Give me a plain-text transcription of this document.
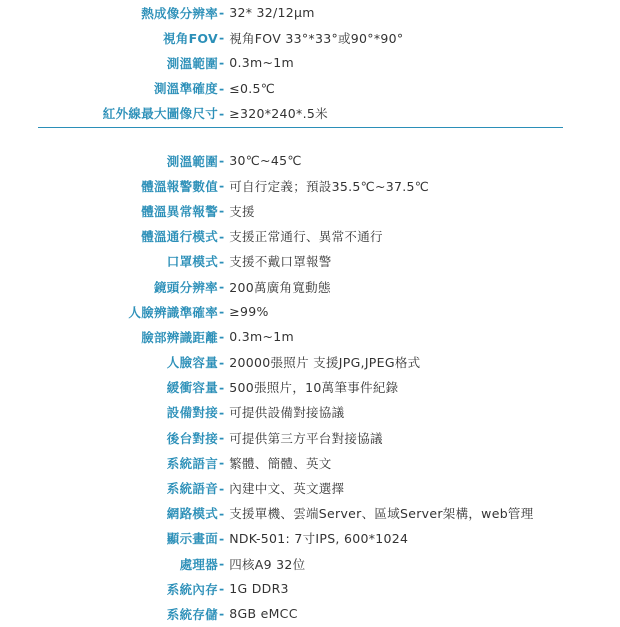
熱成像分辨率 - 32* 32/12μm
視角FOV - 視角FOV 33°*33°或90°*90°
測溫範圍 - 0.3m~1m
測溫準確度 - ≤0.5℃
紅外線最大圖像尺寸 - ≥320*240*.5米
測溫範圍 - 30℃~45℃
體溫報警數值 - 可自行定義；預設35.5℃~37.5℃
體溫異常報警 - 支援
體溫通行模式 - 支援正常通行、異常不通行
口罩模式 - 支援不戴口罩報警
鏡頭分辨率 - 200萬廣角寬動態
人臉辨識準確率 - ≥99%
臉部辨識距離 - 0.3m~1m
人臉容量 - 20000張照片 支援JPG,JPEG格式
緩衝容量 - 500張照片，10萬筆事件紀錄
設備對接 - 可提供設備對接協議
後台對接 - 可提供第三方平台對接協議
系統語言 - 繁體、簡體、英文
系統語音 - 內建中文、英文選擇
網路模式 - 支援單機、雲端Server、區域Server架構，web管理
顯示畫面 - NDK-501: 7寸IPS, 600*1024
處理器 - 四核A9 32位
系統內存 - 1G DDR3
系統存儲 - 8GB eMCC
